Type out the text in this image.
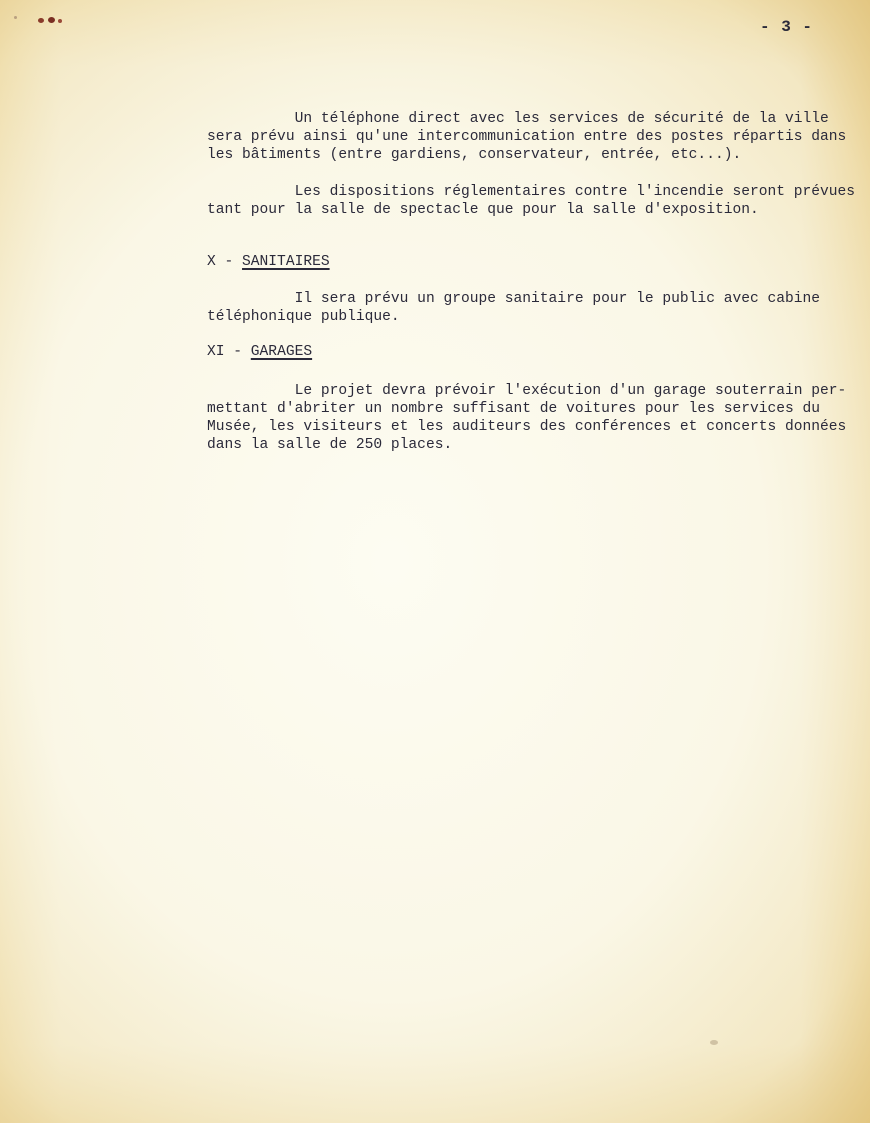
- 3 -

Un téléphone direct avec les services de sécurité de la ville
sera prévu ainsi qu'une intercommunication entre des postes répartis dans
les bâtiments (entre gardiens, conservateur, entrée, etc...).

Les dispositions réglementaires contre l'incendie seront prévues
tant pour la salle de spectacle que pour la salle d'exposition.

X - SANITAIRES

Il sera prévu un groupe sanitaire pour le public avec cabine
téléphonique publique.

XI - GARAGES

Le projet devra prévoir l'exécution d'un garage souterrain per-
mettant d'abriter un nombre suffisant de voitures pour les services du
Musée, les visiteurs et les auditeurs des conférences et concerts données
dans la salle de 250 places.
